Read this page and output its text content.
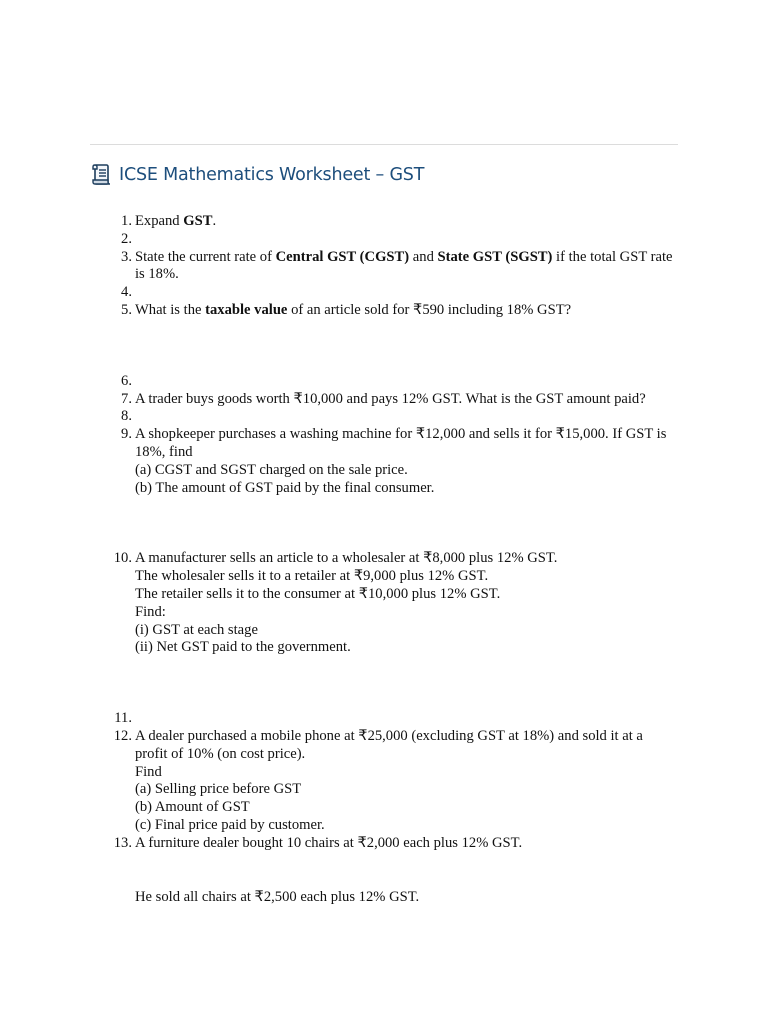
ICSE Mathematics Worksheet – GST
1. Expand GST.
2.

3. State the current rate of Central GST (CGST) and State GST (SGST) if the total GST rate is 18%.
4.

5. What is the taxable value of an article sold for ₹590 including 18% GST?
6.

7. A trader buys goods worth ₹10,000 and pays 12% GST. What is the GST amount paid?
8.

9. A shopkeeper purchases a washing machine for ₹12,000 and sells it for ₹15,000. If GST is 18%, find
(a) CGST and SGST charged on the sale price.
(b) The amount of GST paid by the final consumer.
10. A manufacturer sells an article to a wholesaler at ₹8,000 plus 12% GST.
The wholesaler sells it to a retailer at ₹9,000 plus 12% GST.
The retailer sells it to the consumer at ₹10,000 plus 12% GST.
Find:
(i) GST at each stage
(ii) Net GST paid to the government.
11.

12. A dealer purchased a mobile phone at ₹25,000 (excluding GST at 18%) and sold it at a profit of 10% (on cost price).
Find
(a) Selling price before GST
(b) Amount of GST
(c) Final price paid by customer.
13. A furniture dealer bought 10 chairs at ₹2,000 each plus 12% GST.
He sold all chairs at ₹2,500 each plus 12% GST.
